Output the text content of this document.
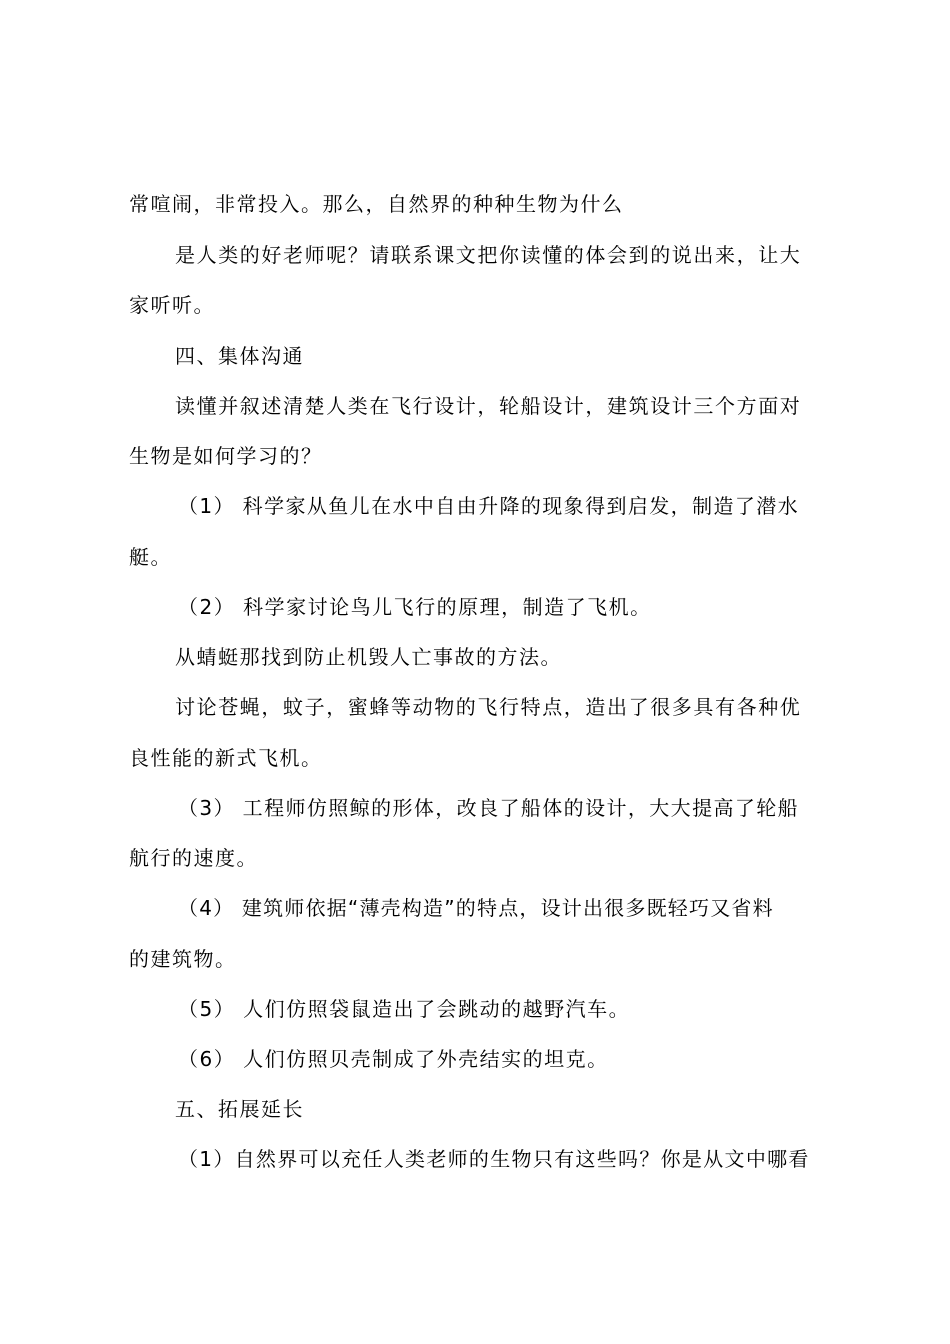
常喧闹，非常投入。那么，自然界的种种生物为什么

是人类的好老师呢？请联系课文把你读懂的体会到的说出来，让大

家听听。

四、集体沟通

读懂并叙述清楚人类在飞行设计，轮船设计，建筑设计三个方面对

生物是如何学习的？

（1） 科学家从鱼儿在水中自由升降的现象得到启发，制造了潜水

艇。

（2） 科学家讨论鸟儿飞行的原理，制造了飞机。

从蜻蜓那找到防止机毁人亡事故的方法。

讨论苍蝇，蚊子，蜜蜂等动物的飞行特点，造出了很多具有各种优

良性能的新式飞机。

（3） 工程师仿照鲸的形体，改良了船体的设计，大大提高了轮船

航行的速度。

（4） 建筑师依据“薄壳构造”的特点，设计出很多既轻巧又省料

的建筑物。

（5） 人们仿照袋鼠造出了会跳动的越野汽车。

（6） 人们仿照贝壳制成了外壳结实的坦克。

五、拓展延长

（1）自然界可以充任人类老师的生物只有这些吗？你是从文中哪看
